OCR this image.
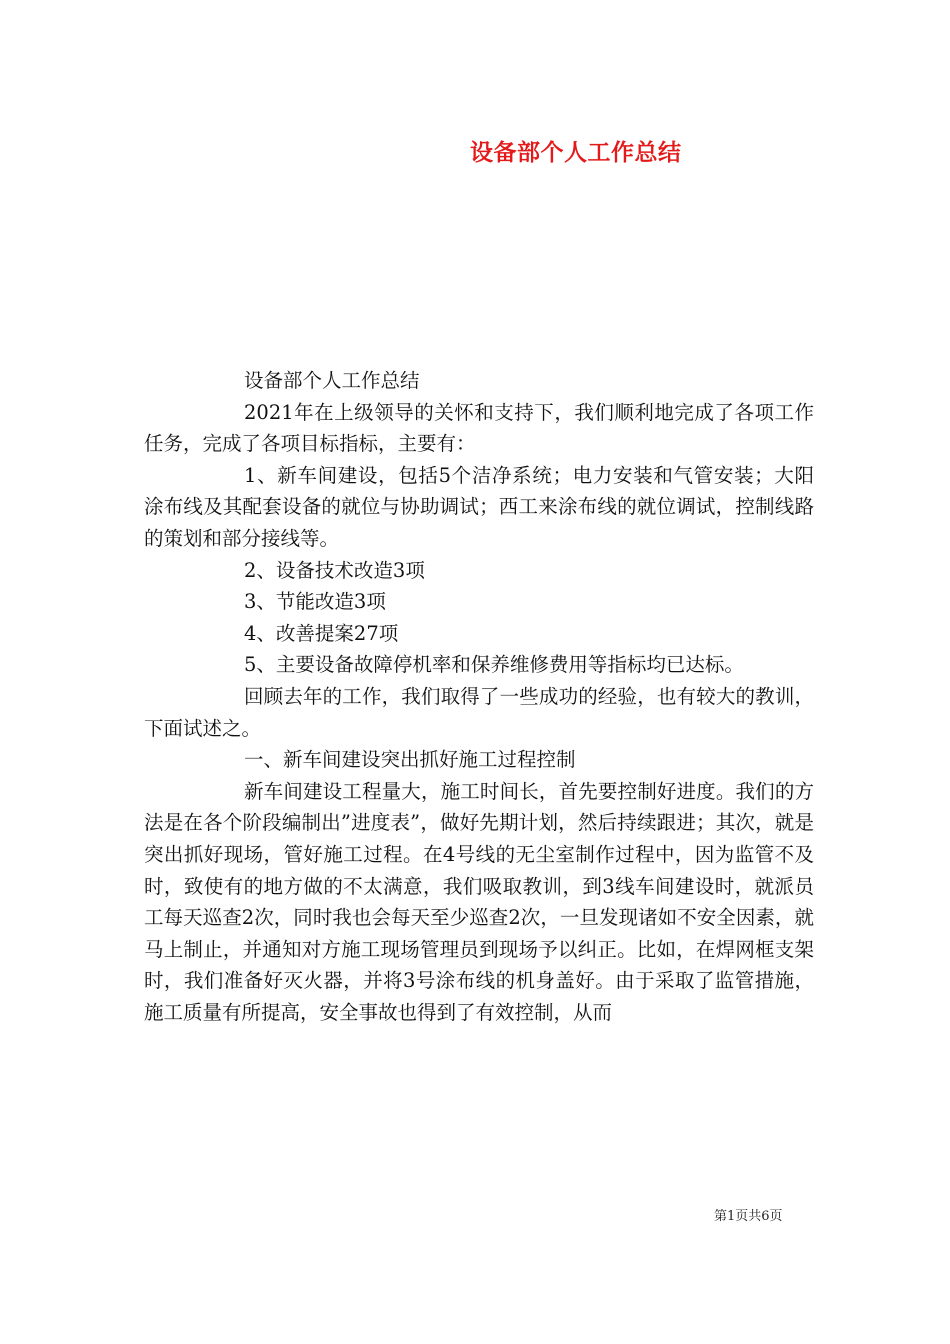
设备部个人工作总结

设备部个人工作总结

2021年在上级领导的关怀和支持下，我们顺利地完成了各项工作任务，完成了各项目标指标，主要有：

1、新车间建设，包括5个洁净系统；电力安装和气管安装；大阳涂布线及其配套设备的就位与协助调试；西工来涂布线的就位调试，控制线路的策划和部分接线等。

2、设备技术改造3项

3、节能改造3项

4、改善提案27项

5、主要设备故障停机率和保养维修费用等指标均已达标。

回顾去年的工作，我们取得了一些成功的经验，也有较大的教训，下面试述之。

一、新车间建设突出抓好施工过程控制

新车间建设工程量大，施工时间长，首先要控制好进度。我们的方法是在各个阶段编制出”进度表”，做好先期计划，然后持续跟进；其次，就是突出抓好现场，管好施工过程。在4号线的无尘室制作过程中，因为监管不及时，致使有的地方做的不太满意，我们吸取教训，到3线车间建设时，就派员工每天巡查2次，同时我也会每天至少巡查2次，一旦发现诸如不安全因素，就马上制止，并通知对方施工现场管理员到现场予以纠正。比如，在焊网框支架时，我们准备好灭火器，并将3号涂布线的机身盖好。由于采取了监管措施，施工质量有所提高，安全事故也得到了有效控制，从而

第1页共6页
